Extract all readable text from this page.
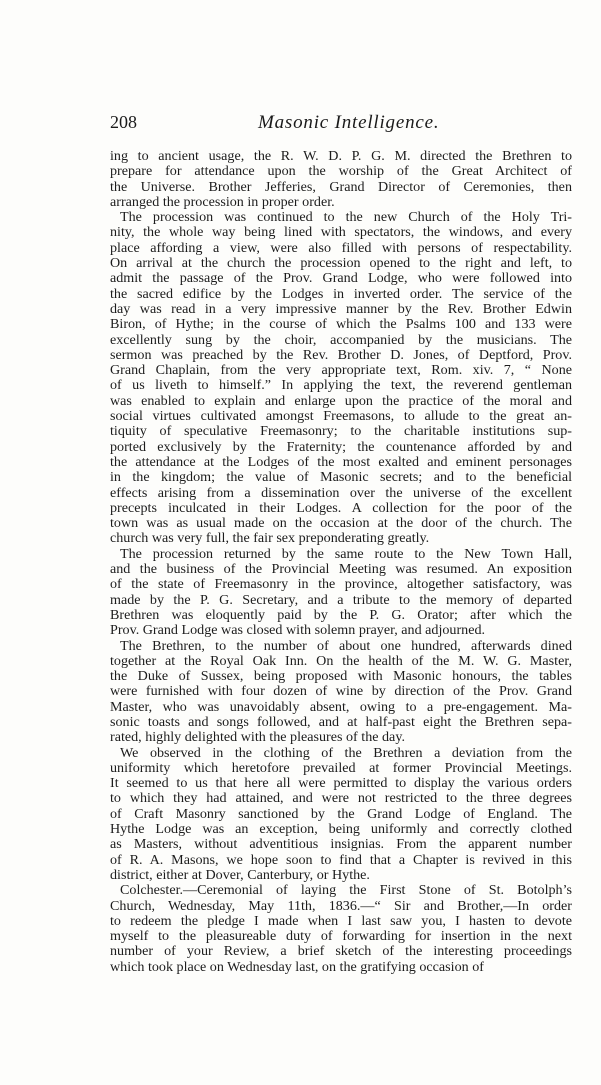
208	Masonic Intelligence.
ing to ancient usage, the R. W. D. P. G. M. directed the Brethren to
prepare for attendance upon the worship of the Great Architect of
the Universe. Brother Jefferies, Grand Director of Ceremonies, then
arranged the procession in proper order.
The procession was continued to the new Church of the Holy Tri-
nity, the whole way being lined with spectators, the windows, and every
place affording a view, were also filled with persons of respectability.
On arrival at the church the procession opened to the right and left, to
admit the passage of the Prov. Grand Lodge, who were followed into
the sacred edifice by the Lodges in inverted order. The service of the
day was read in a very impressive manner by the Rev. Brother Edwin
Biron, of Hythe; in the course of which the Psalms 100 and 133 were
excellently sung by the choir, accompanied by the musicians. The
sermon was preached by the Rev. Brother D. Jones, of Deptford, Prov.
Grand Chaplain, from the very appropriate text, Rom. xiv. 7, “ None
of us liveth to himself.” In applying the text, the reverend gentleman
was enabled to explain and enlarge upon the practice of the moral and
social virtues cultivated amongst Freemasons, to allude to the great an-
tiquity of speculative Freemasonry; to the charitable institutions sup-
ported exclusively by the Fraternity; the countenance afforded by and
the attendance at the Lodges of the most exalted and eminent personages
in the kingdom; the value of Masonic secrets; and to the beneficial
effects arising from a dissemination over the universe of the excellent
precepts inculcated in their Lodges. A collection for the poor of the
town was as usual made on the occasion at the door of the church. The
church was very full, the fair sex preponderating greatly.
The procession returned by the same route to the New Town Hall,
and the business of the Provincial Meeting was resumed. An exposition
of the state of Freemasonry in the province, altogether satisfactory, was
made by the P. G. Secretary, and a tribute to the memory of departed
Brethren was eloquently paid by the P. G. Orator; after which the
Prov. Grand Lodge was closed with solemn prayer, and adjourned.
The Brethren, to the number of about one hundred, afterwards dined
together at the Royal Oak Inn. On the health of the M. W. G. Master,
the Duke of Sussex, being proposed with Masonic honours, the tables
were furnished with four dozen of wine by direction of the Prov. Grand
Master, who was unavoidably absent, owing to a pre-engagement. Ma-
sonic toasts and songs followed, and at half-past eight the Brethren sepa-
rated, highly delighted with the pleasures of the day.
We observed in the clothing of the Brethren a deviation from the
uniformity which heretofore prevailed at former Provincial Meetings.
It seemed to us that here all were permitted to display the various orders
to which they had attained, and were not restricted to the three degrees
of Craft Masonry sanctioned by the Grand Lodge of England. The
Hythe Lodge was an exception, being uniformly and correctly clothed
as Masters, without adventitious insignias. From the apparent number
of R. A. Masons, we hope soon to find that a Chapter is revived in this
district, either at Dover, Canterbury, or Hythe.
Colchester.—Ceremonial of laying the First Stone of St. Botolph’s
Church, Wednesday, May 11th, 1836.—“ Sir and Brother,—In order
to redeem the pledge I made when I last saw you, I hasten to devote
myself to the pleasureable duty of forwarding for insertion in the next
number of your Review, a brief sketch of the interesting proceedings
which took place on Wednesday last, on the gratifying occasion of
